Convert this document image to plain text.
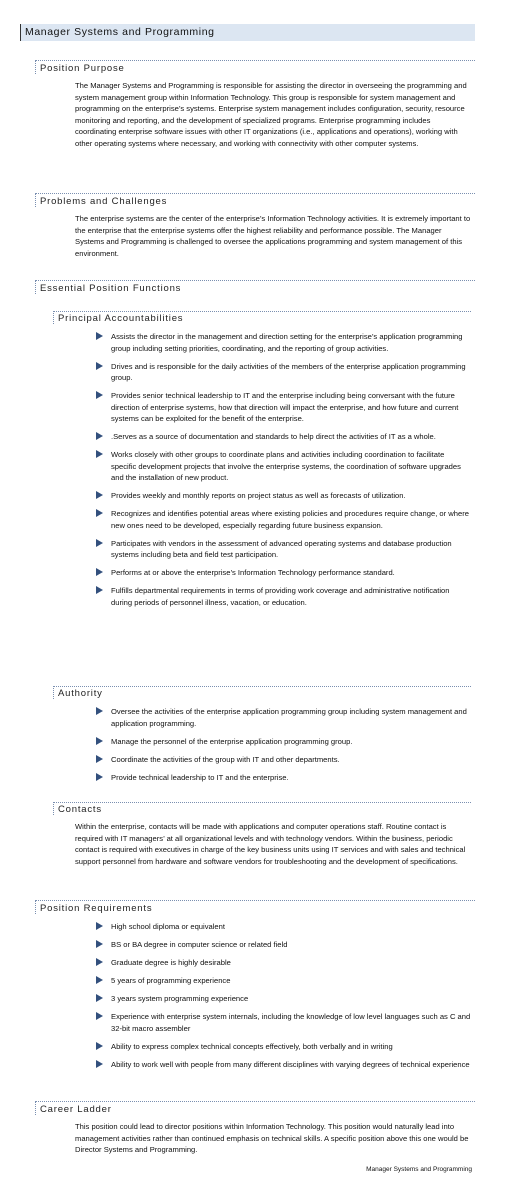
Manager Systems and Programming
Position Purpose

The Manager Systems and Programming is responsible for assisting the director in overseeing the programming and system management group within Information Technology. This group is responsible for system management and programming on the enterprise’s systems. Enterprise system management includes configuration, security, resource monitoring and reporting, and the development of specialized programs. Enterprise programming includes coordinating enterprise software issues with other IT organizations (i.e., applications and operations), working with other operating systems where necessary, and working with connectivity with other computer systems.

Problems and Challenges

The enterprise systems are the center of the enterprise’s Information Technology activities. It is extremely important to the enterprise that the enterprise systems offer the highest reliability and performance possible. The Manager Systems and Programming is challenged to oversee the applications programming and system management of this environment.

Essential Position Functions
Principal Accountabilities
Assists the director in the management and direction setting for the enterprise’s application programming group including setting priorities, coordinating, and the reporting of group activities.
Drives and is responsible for the daily activities of the members of the enterprise application programming group.
Provides senior technical leadership to IT and the enterprise including being conversant with the future direction of enterprise systems, how that direction will impact the enterprise, and how future and current systems can be exploited for the benefit of the enterprise.
.Serves as a source of documentation and standards to help direct the activities of IT as a whole.
Works closely with other groups to coordinate plans and activities including coordination to facilitate specific development projects that involve the enterprise systems, the coordination of software upgrades and the installation of new product.
Provides weekly and monthly reports on project status as well as forecasts of utilization.
Recognizes and identifies potential areas where existing policies and procedures require change, or where new ones need to be developed, especially regarding future business expansion.
Participates with vendors in the assessment of advanced operating systems and database production systems including beta and field test participation.
Performs at or above the enterprise’s Information Technology performance standard.
Fulfills departmental requirements in terms of providing work coverage and administrative notification during periods of personnel illness, vacation, or education.
Authority
Oversee the activities of the enterprise application programming group including system management and application programming.
Manage the personnel of the enterprise application programming group.
Coordinate the activities of the group with IT and other departments.
Provide technical leadership to IT and the enterprise.
Contacts

Within the enterprise, contacts will be made with applications and computer operations staff. Routine contact is required with IT managers’ at all organizational levels and with technology vendors. Within the business, periodic contact is required with executives in charge of the key business units using IT services and with sales and technical support personnel from hardware and software vendors for troubleshooting and the development of specifications.

Position Requirements
High school diploma or equivalent
BS or BA degree in computer science or related field
Graduate degree is highly desirable
5 years of programming experience
3 years system programming experience
Experience with enterprise system internals, including the knowledge of low level languages such as C and 32-bit macro assembler
Ability to express complex technical concepts effectively, both verbally and in writing
Ability to work well with people from many different disciplines with varying degrees of technical experience
Career Ladder

This position could lead to director positions within Information Technology. This position would naturally lead into management activities rather than continued emphasis on technical skills. A specific position above this one would be Director Systems and Programming.

Manager Systems and Programming
